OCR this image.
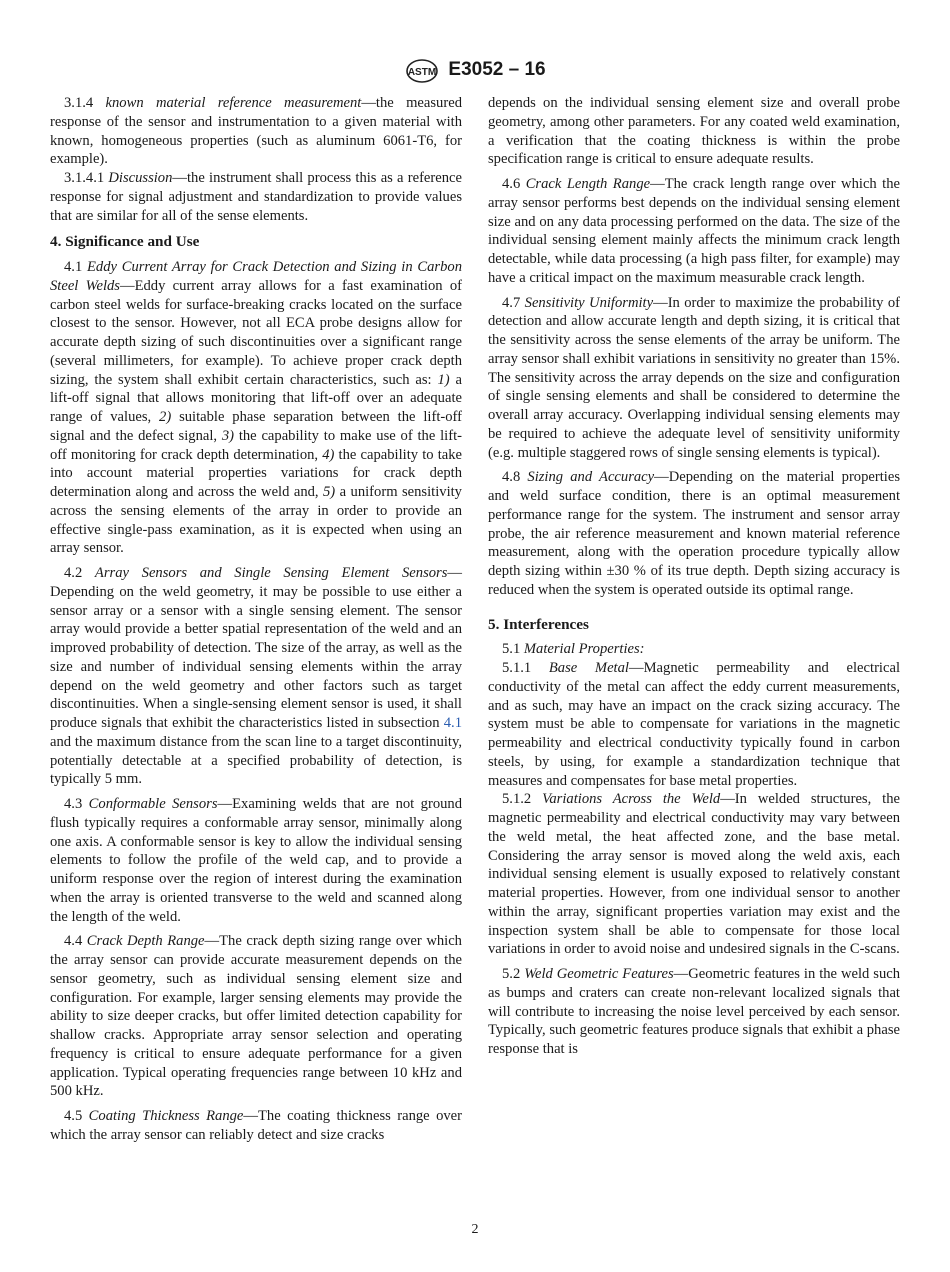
ASTM E3052 – 16

3.1.4 known material reference measurement—the measured response of the sensor and instrumentation to a given material with known, homogeneous properties (such as aluminum 6061-T6, for example).

3.1.4.1 Discussion—the instrument shall process this as a reference response for signal adjustment and standardization to provide values that are similar for all of the sense elements.

4. Significance and Use

4.1 Eddy Current Array for Crack Detection and Sizing in Carbon Steel Welds—Eddy current array allows for a fast examination of carbon steel welds for surface-breaking cracks located on the surface closest to the sensor. However, not all ECA probe designs allow for accurate depth sizing of such discontinuities over a significant range (several millimeters, for example). To achieve proper crack depth sizing, the system shall exhibit certain characteristics, such as: 1) a lift-off signal that allows monitoring that lift-off over an adequate range of values, 2) suitable phase separation between the lift-off signal and the defect signal, 3) the capability to make use of the lift-off monitoring for crack depth determination, 4) the capability to take into account material properties variations for crack depth determination along and across the weld and, 5) a uniform sensitivity across the sensing elements of the array in order to provide an effective single-pass examination, as it is expected when using an array sensor.

4.2 Array Sensors and Single Sensing Element Sensors—Depending on the weld geometry, it may be possible to use either a sensor array or a sensor with a single sensing element. The sensor array would provide a better spatial representation of the weld and an improved probability of detection. The size of the array, as well as the size and number of individual sensing elements within the array depend on the weld geometry and other factors such as target discontinuities. When a single-sensing element sensor is used, it shall produce signals that exhibit the characteristics listed in subsection 4.1 and the maximum distance from the scan line to a target discontinuity, potentially detectable at a specified probability of detection, is typically 5 mm.

4.3 Conformable Sensors—Examining welds that are not ground flush typically requires a conformable array sensor, minimally along one axis. A conformable sensor is key to allow the individual sensing elements to follow the profile of the weld cap, and to provide a uniform response over the region of interest during the examination when the array is oriented transverse to the weld and scanned along the length of the weld.

4.4 Crack Depth Range—The crack depth sizing range over which the array sensor can provide accurate measurement depends on the sensor geometry, such as individual sensing element size and configuration. For example, larger sensing elements may provide the ability to size deeper cracks, but offer limited detection capability for shallow cracks. Appropriate array sensor selection and operating frequency is critical to ensure adequate performance for a given application. Typical operating frequencies range between 10 kHz and 500 kHz.

4.5 Coating Thickness Range—The coating thickness range over which the array sensor can reliably detect and size cracks

depends on the individual sensing element size and overall probe geometry, among other parameters. For any coated weld examination, a verification that the coating thickness is within the probe specification range is critical to ensure adequate results.

4.6 Crack Length Range—The crack length range over which the array sensor performs best depends on the individual sensing element size and on any data processing performed on the data. The size of the individual sensing element mainly affects the minimum crack length detectable, while data processing (a high pass filter, for example) may have a critical impact on the maximum measurable crack length.

4.7 Sensitivity Uniformity—In order to maximize the probability of detection and allow accurate length and depth sizing, it is critical that the sensitivity across the sense elements of the array be uniform. The array sensor shall exhibit variations in sensitivity no greater than 15%. The sensitivity across the array depends on the size and configuration of single sensing elements and shall be considered to determine the overall array accuracy. Overlapping individual sensing elements may be required to achieve the adequate level of sensitivity uniformity (e.g. multiple staggered rows of single sensing elements is typical).

4.8 Sizing and Accuracy—Depending on the material properties and weld surface condition, there is an optimal measurement performance range for the system. The instrument and sensor array probe, the air reference measurement and known material reference measurement, along with the operation procedure typically allow depth sizing within ±30 % of its true depth. Depth sizing accuracy is reduced when the system is operated outside its optimal range.

5. Interferences

5.1 Material Properties:

5.1.1 Base Metal—Magnetic permeability and electrical conductivity of the metal can affect the eddy current measurements, and as such, may have an impact on the crack sizing accuracy. The system must be able to compensate for variations in the magnetic permeability and electrical conductivity typically found in carbon steels, by using, for example a standardization technique that measures and compensates for base metal properties.

5.1.2 Variations Across the Weld—In welded structures, the magnetic permeability and electrical conductivity may vary between the weld metal, the heat affected zone, and the base metal. Considering the array sensor is moved along the weld axis, each individual sensing element is usually exposed to relatively constant material properties. However, from one individual sensor to another within the array, significant properties variation may exist and the inspection system shall be able to compensate for those local variations in order to avoid noise and undesired signals in the C-scans.

5.2 Weld Geometric Features—Geometric features in the weld such as bumps and craters can create non-relevant localized signals that will contribute to increasing the noise level perceived by each sensor. Typically, such geometric features produce signals that exhibit a phase response that is

2
